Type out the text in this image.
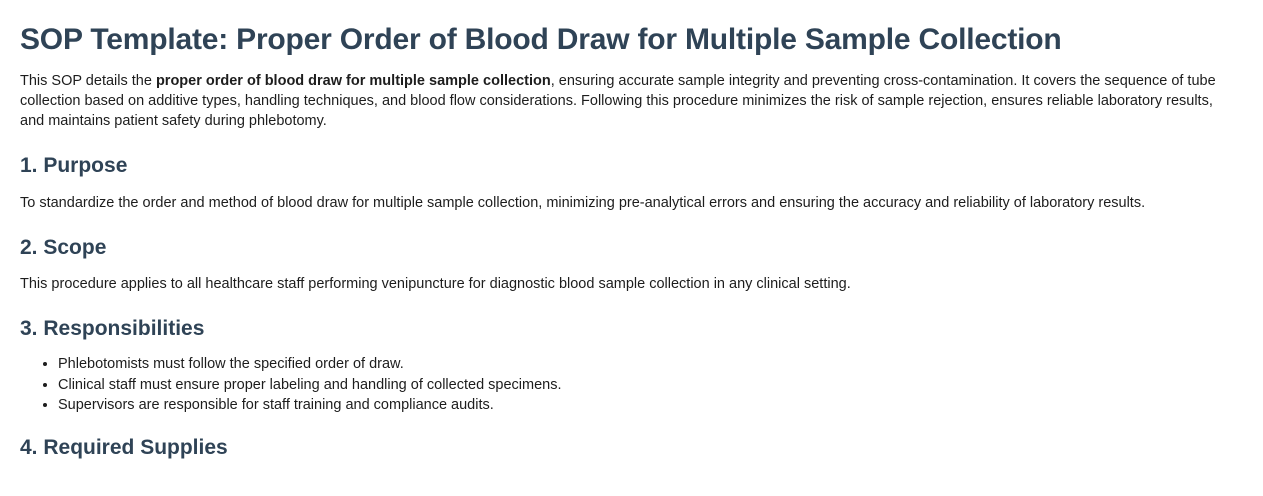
SOP Template: Proper Order of Blood Draw for Multiple Sample Collection

This SOP details the proper order of blood draw for multiple sample collection, ensuring accurate sample integrity and preventing cross-contamination. It covers the sequence of tube collection based on additive types, handling techniques, and blood flow considerations. Following this procedure minimizes the risk of sample rejection, ensures reliable laboratory results, and maintains patient safety during phlebotomy.

1. Purpose

To standardize the order and method of blood draw for multiple sample collection, minimizing pre-analytical errors and ensuring the accuracy and reliability of laboratory results.

2. Scope

This procedure applies to all healthcare staff performing venipuncture for diagnostic blood sample collection in any clinical setting.

3. Responsibilities
• Phlebotomists must follow the specified order of draw.
• Clinical staff must ensure proper labeling and handling of collected specimens.
• Supervisors are responsible for staff training and compliance audits.
4. Required Supplies
